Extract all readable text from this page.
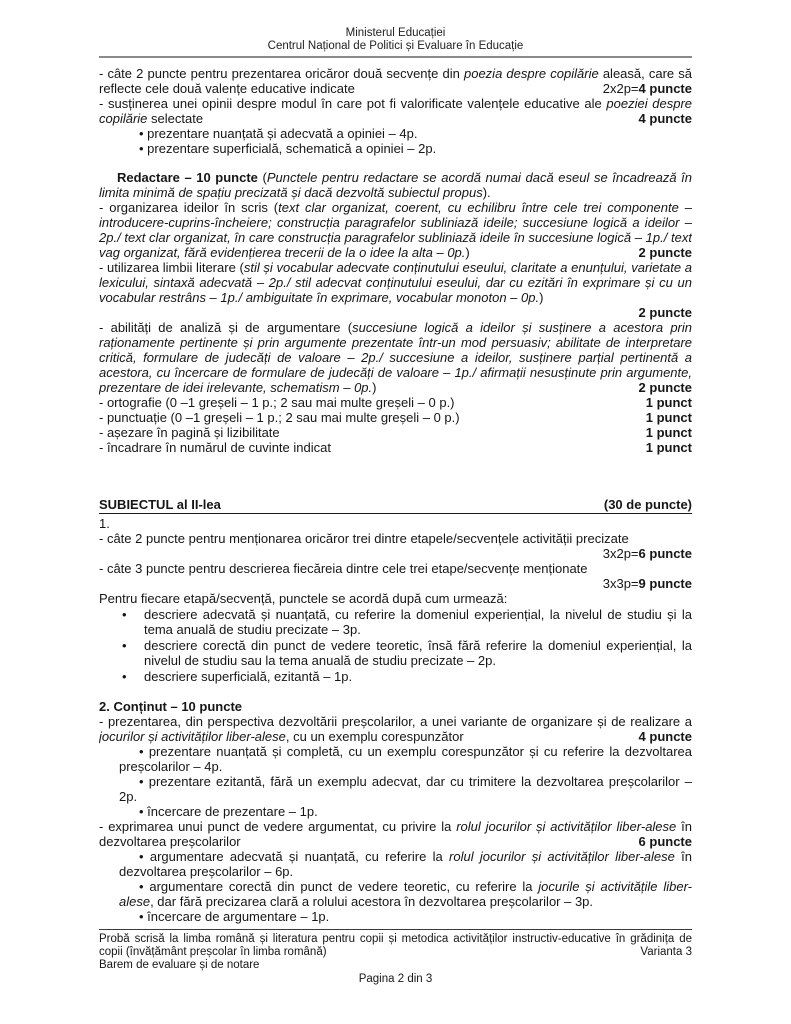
Ministerul Educației
Centrul Național de Politici și Evaluare în Educație
- câte 2 puncte pentru prezentarea oricăror două secvențe din poezia despre copilărie aleasă, care să reflecte cele două valențe educative indicate	2x2p=4 puncte
- susținerea unei opinii despre modul în care pot fi valorificate valențele educative ale poeziei despre copilărie selectate	4 puncte
• prezentare nuanțată și adecvată a opiniei – 4p.
• prezentare superficială, schematică a opiniei – 2p.
Redactare – 10 puncte (Punctele pentru redactare se acordă numai dacă eseul se încadrează în limita minimă de spațiu precizată și dacă dezvoltă subiectul propus).
- organizarea ideilor în scris (text clar organizat, coerent, cu echilibru între cele trei componente – introducere-cuprins-încheiere; construcția paragrafelor subliniază ideile; succesiune logică a ideilor – 2p./ text clar organizat, în care construcția paragrafelor subliniază ideile în succesiune logică – 1p./ text vag organizat, fără evidențierea trecerii de la o idee la alta – 0p.)	2 puncte
- utilizarea limbii literare (stil și vocabular adecvate conținutului eseului, claritate a enunțului, varietate a lexicului, sintaxă adecvată – 2p./ stil adecvat conținutului eseului, dar cu ezitări în exprimare și cu un vocabular restrâns – 1p./ ambiguitate în exprimare, vocabular monoton – 0p.)
2 puncte
- abilități de analiză și de argumentare (succesiune logică a ideilor și susținere a acestora prin raționamente pertinente și prin argumente prezentate într-un mod persuasiv; abilitate de interpretare critică, formulare de judecăți de valoare – 2p./ succesiune a ideilor, susținere parțial pertinentă a acestora, cu încercare de formulare de judecăți de valoare – 1p./ afirmații nesusținute prin argumente, prezentare de idei irelevante, schematism – 0p.)	2 puncte
- ortografie (0 –1 greșeli – 1 p.; 2 sau mai multe greșeli – 0 p.)	1 punct
- punctuație (0 –1 greșeli – 1 p.; 2 sau mai multe greșeli – 0 p.)	1 punct
- așezare în pagină și lizibilitate	1 punct
- încadrare în numărul de cuvinte indicat	1 punct
SUBIECTUL al II-lea	(30 de puncte)
1.
- câte 2 puncte pentru menționarea oricăror trei dintre etapele/secvențele activității precizate
3x2p=6 puncte
- câte 3 puncte pentru descrierea fiecăreia dintre cele trei etape/secvențe menționate
3x3p=9 puncte
Pentru fiecare etapă/secvență, punctele se acordă după cum urmează:
• descriere adecvată și nuanțată, cu referire la domeniul experiențial, la nivelul de studiu și la tema anuală de studiu precizate – 3p.
• descriere corectă din punct de vedere teoretic, însă fără referire la domeniul experiențial, la nivelul de studiu sau la tema anuală de studiu precizate – 2p.
• descriere superficială, ezitantă – 1p.
2. Conținut – 10 puncte
- prezentarea, din perspectiva dezvoltării preșcolarilor, a unei variante de organizare și de realizare a jocurilor și activităților liber-alese, cu un exemplu corespunzător	4 puncte
• prezentare nuanțată și completă, cu un exemplu corespunzător și cu referire la dezvoltarea preșcolarilor – 4p.
• prezentare ezitantă, fără un exemplu adecvat, dar cu trimitere la dezvoltarea preșcolarilor – 2p.
• încercare de prezentare – 1p.
- exprimarea unui punct de vedere argumentat, cu privire la rolul jocurilor și activităților liber-alese în dezvoltarea preșcolarilor	6 puncte
• argumentare adecvată și nuanțată, cu referire la rolul jocurilor și activităților liber-alese în dezvoltarea preșcolarilor – 6p.
• argumentare corectă din punct de vedere teoretic, cu referire la jocurile și activitățile liber-alese, dar fără precizarea clară a rolului acestora în dezvoltarea preșcolarilor – 3p.
• încercare de argumentare – 1p.
Probă scrisă la limba română și literatura pentru copii și metodica activităților instructiv-educative în grădinița de copii (învățământ preșcolar în limba română)	Varianta 3
Barem de evaluare și de notare
Pagina 2 din 3
